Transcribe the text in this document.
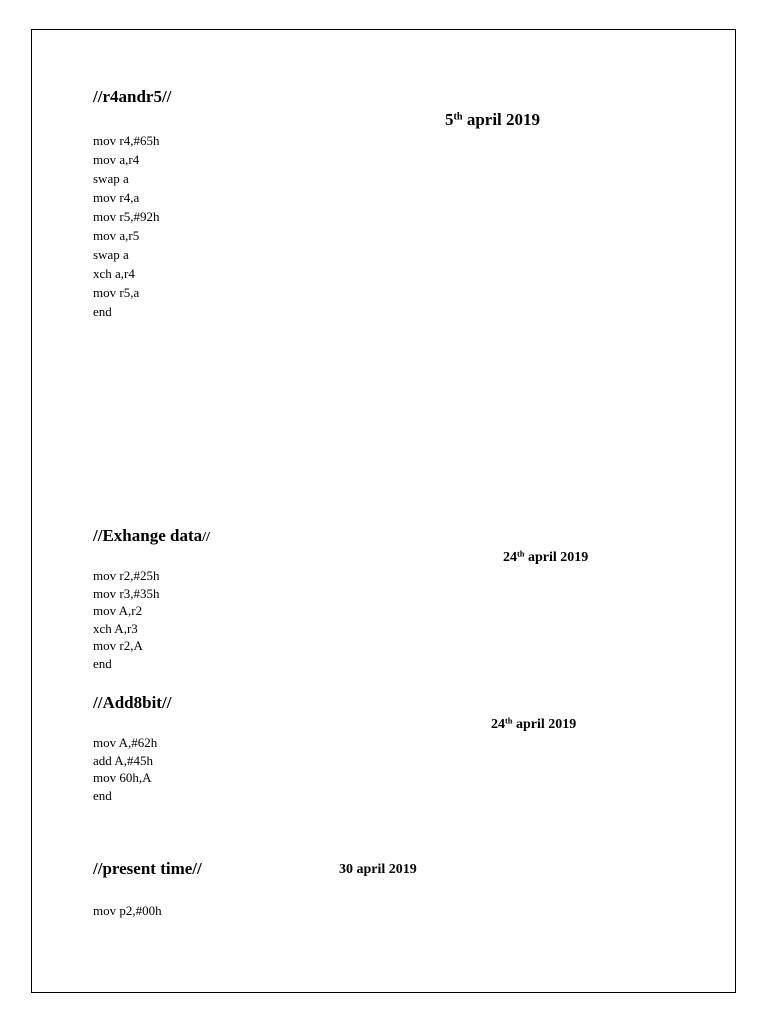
//r4andr5//
5th april 2019
mov r4,#65h
mov a,r4
swap a
mov r4,a
mov r5,#92h
mov a,r5
swap a
xch a,r4
mov r5,a
end
//Exhange data//
24th april 2019
mov r2,#25h
mov r3,#35h
mov A,r2
xch A,r3
mov r2,A
end
//Add8bit//
24th april 2019
mov A,#62h
add A,#45h
mov 60h,A
end
//present time//	30 april 2019
mov p2,#00h
